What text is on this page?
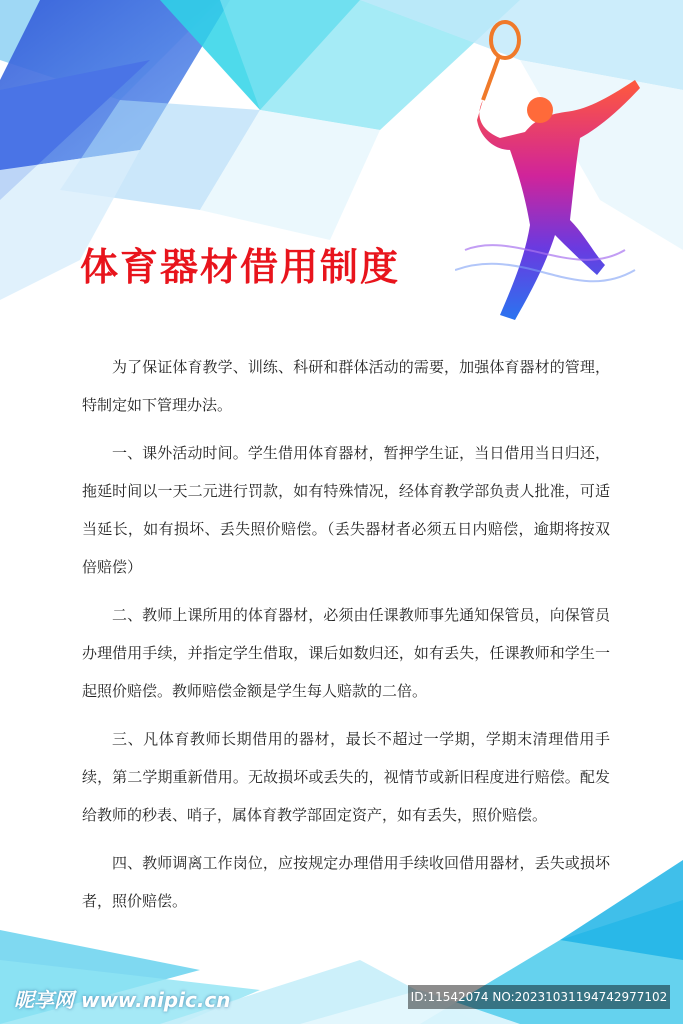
体育器材借用制度

为了保证体育教学、训练、科研和群体活动的需要，加强体育器材的管理，特制定如下管理办法。

一、课外活动时间。学生借用体育器材，暂押学生证，当日借用当日归还，拖延时间以一天二元进行罚款，如有特殊情况，经体育教学部负责人批准，可适当延长，如有损坏、丢失照价赔偿。（丢失器材者必须五日内赔偿，逾期将按双倍赔偿）

二、教师上课所用的体育器材，必须由任课教师事先通知保管员，向保管员办理借用手续，并指定学生借取，课后如数归还，如有丢失，任课教师和学生一起照价赔偿。教师赔偿金额是学生每人赔款的二倍。

三、凡体育教师长期借用的器材，最长不超过一学期，学期末清理借用手续，第二学期重新借用。无故损坏或丢失的，视情节或新旧程度进行赔偿。配发给教师的秒表、哨子，属体育教学部固定资产，如有丢失，照价赔偿。

四、教师调离工作岗位，应按规定办理借用手续收回借用器材，丢失或损坏者，照价赔偿。

昵享网 www.nipic.cn	ID:11542074 NO:20231031194742977102
